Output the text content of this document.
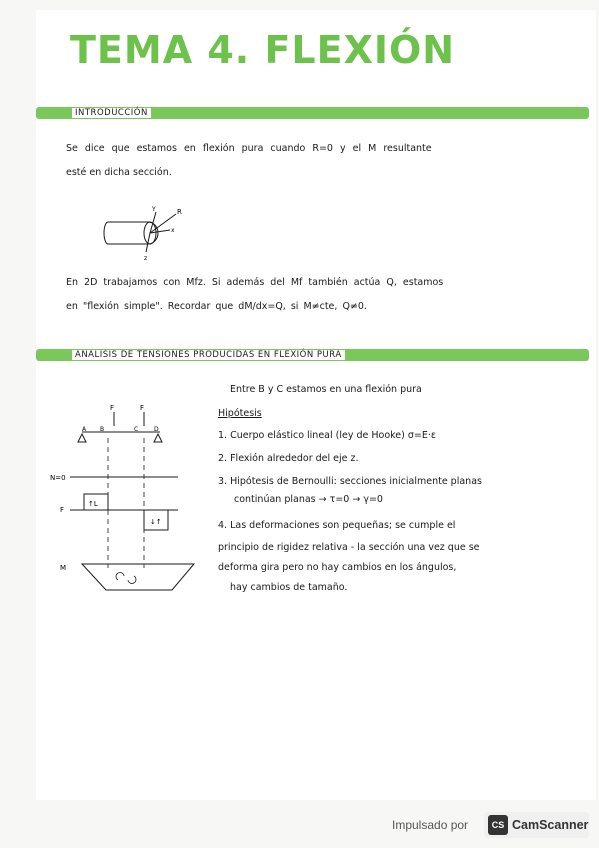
TEMA 4. FLEXIÓN
INTRODUCCIÓN
Se dice que estamos en flexión pura cuando R=0 y el M resultante
esté en dicha sección.
Y	R
x
z
En 2D trabajamos con Mfz. Si además del Mf también actúa Q, estamos
en "flexión simple". Recordar que dM/dx=Q, si M≠cte, Q≠0.
ANALISIS DE TENSIONES PRODUCIDAS EN FLEXIÓN PURA
F	F
A B	C	D
N=0
F
↑L
↓↑
M
Entre B y C estamos en una flexión pura
Hipótesis
1. Cuerpo elástico lineal (ley de Hooke) σ=E·ε
2. Flexión alrededor del eje z.
3. Hipótesis de Bernoulli: secciones inicialmente planas
continúan planas → τ=0 → γ=0
4. Las deformaciones son pequeñas; se cumple el
principio de rigidez relativa - la sección una vez que se
deforma gira pero no hay cambios en los ángulos,
hay cambios de tamaño.
Impulsado por	CS CamScanner
